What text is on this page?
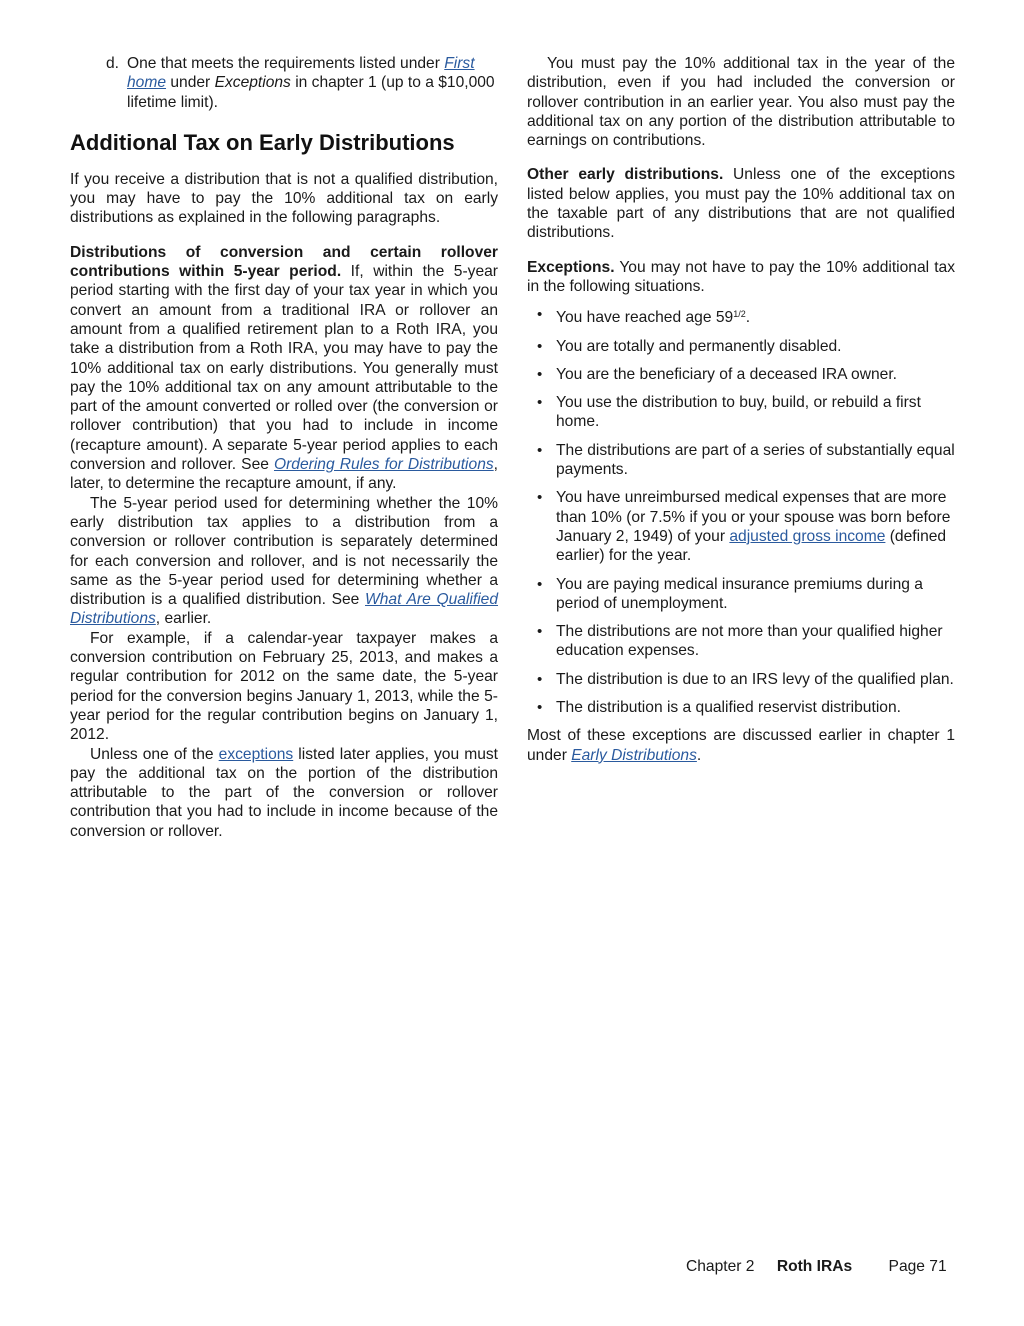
d. One that meets the requirements listed under First home under Exceptions in chapter 1 (up to a $10,000 lifetime limit).
Additional Tax on Early Distributions

If you receive a distribution that is not a qualified distribution, you may have to pay the 10% additional tax on early distributions as explained in the following paragraphs.

Distributions of conversion and certain rollover contributions within 5-year period. If, within the 5-year period starting with the first day of your tax year in which you convert an amount from a traditional IRA or rollover an amount from a qualified retirement plan to a Roth IRA, you take a distribution from a Roth IRA, you may have to pay the 10% additional tax on early distributions. You generally must pay the 10% additional tax on any amount attributable to the part of the amount converted or rolled over (the conversion or rollover contribution) that you had to include in income (recapture amount). A separate 5-year period applies to each conversion and rollover. See Ordering Rules for Distributions, later, to determine the recapture amount, if any.

The 5-year period used for determining whether the 10% early distribution tax applies to a distribution from a conversion or rollover contribution is separately determined for each conversion and rollover, and is not necessarily the same as the 5-year period used for determining whether a distribution is a qualified distribution. See What Are Qualified Distributions, earlier.

For example, if a calendar-year taxpayer makes a conversion contribution on February 25, 2013, and makes a regular contribution for 2012 on the same date, the 5-year period for the conversion begins January 1, 2013, while the 5-year period for the regular contribution begins on January 1, 2012.

Unless one of the exceptions listed later applies, you must pay the additional tax on the portion of the distribution attributable to the part of the conversion or rollover contribution that you had to include in income because of the conversion or rollover.

You must pay the 10% additional tax in the year of the distribution, even if you had included the conversion or rollover contribution in an earlier year. You also must pay the additional tax on any portion of the distribution attributable to earnings on contributions.

Other early distributions. Unless one of the exceptions listed below applies, you must pay the 10% additional tax on the taxable part of any distributions that are not qualified distributions.

Exceptions. You may not have to pay the 10% additional tax in the following situations.

• You have reached age $59^{1/2}$.
• You are totally and permanently disabled.
• You are the beneficiary of a deceased IRA owner.
• You use the distribution to buy, build, or rebuild a first home.
• The distributions are part of a series of substantially equal payments.
• You have unreimbursed medical expenses that are more than 10% (or 7.5% if you or your spouse was born before January 2, 1949) of your adjusted gross income (defined earlier) for the year.
• You are paying medical insurance premiums during a period of unemployment.
• The distributions are not more than your qualified higher education expenses.
• The distribution is due to an IRS levy of the qualified plan.
• The distribution is a qualified reservist distribution.

Most of these exceptions are discussed earlier in chapter 1 under Early Distributions.

Chapter 2 Roth IRAs Page 71
